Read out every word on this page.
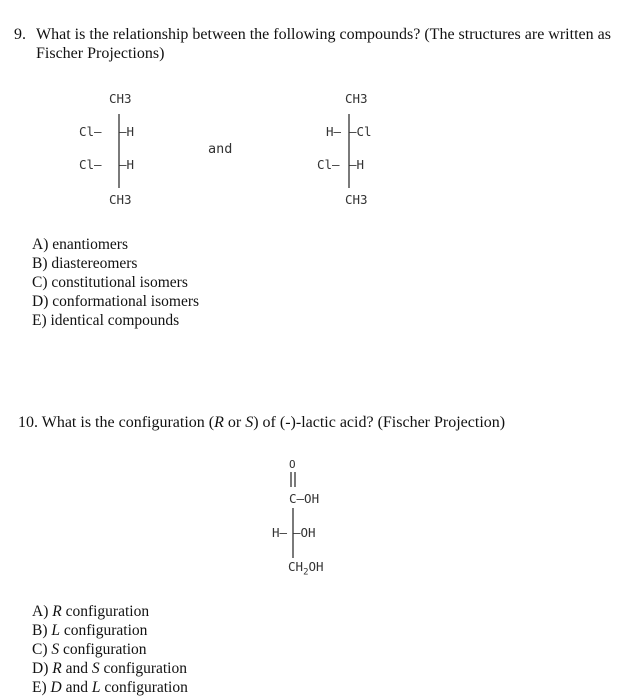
9. What is the relationship between the following compounds? (The structures are written as
Fischer Projections)
CH3
Cl– –H
Cl– –H
CH3
and
CH3
H– –Cl
Cl– –H
CH3
A) enantiomers
B) diastereomers
C) constitutional isomers
D) conformational isomers
E) identical compounds
10. What is the configuration (R or S) of (-)-lactic acid? (Fischer Projection)
O
C–OH
H– –OH
$CH_2OH$
A) R configuration
B) L configuration
C) S configuration
D) R and S configuration
E) D and L configuration
